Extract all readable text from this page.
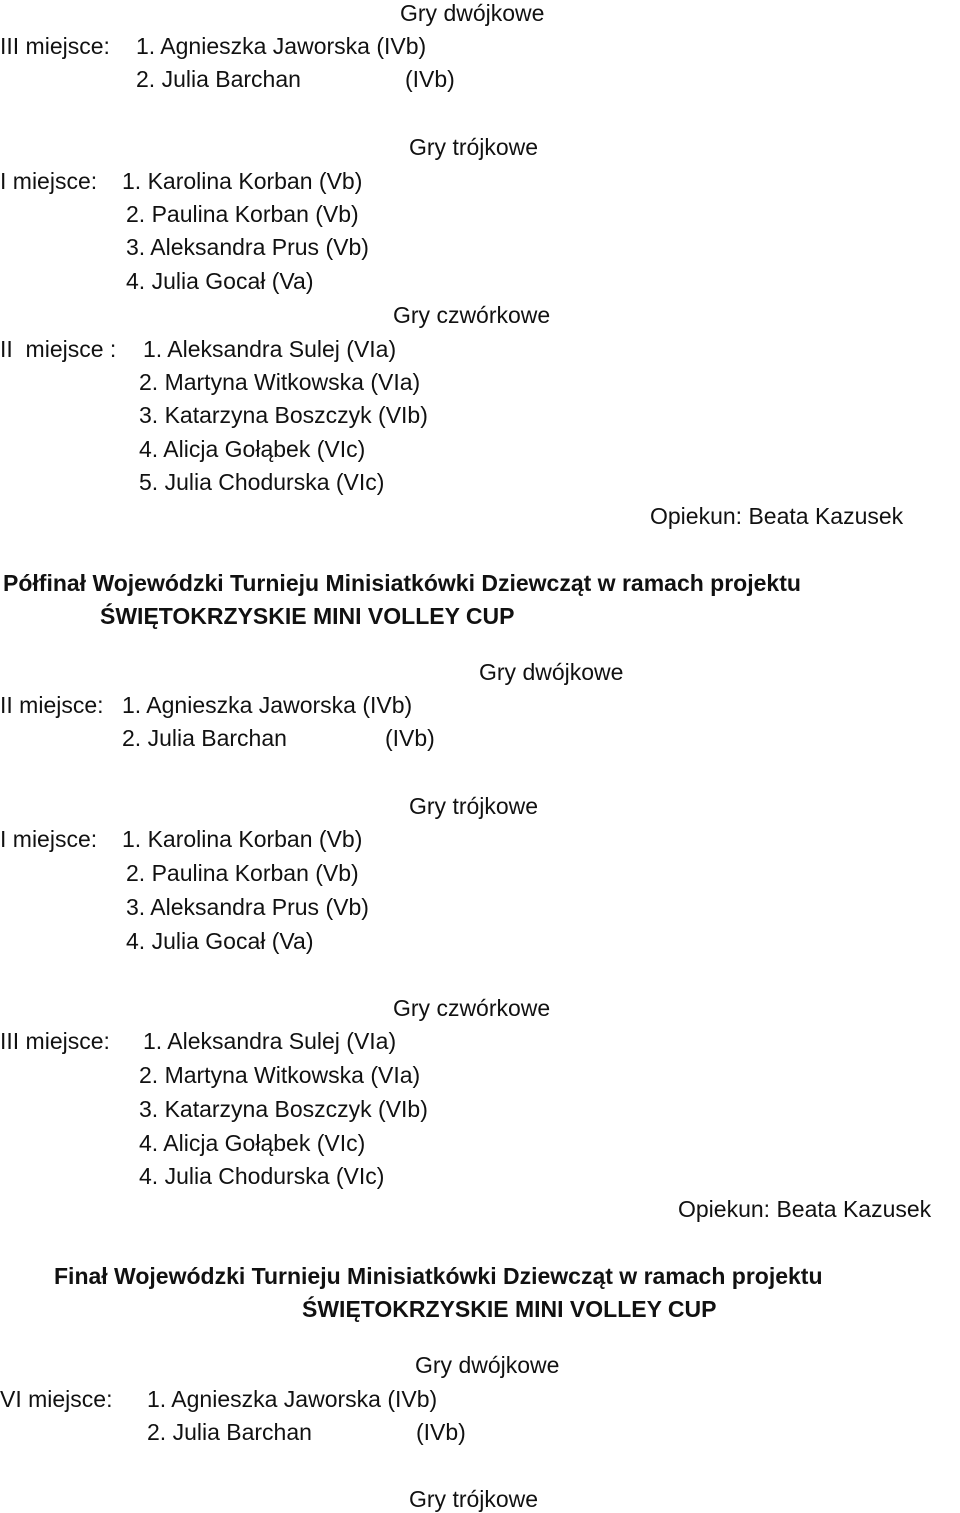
Gry dwójkowe
III miejsce: 1. Agnieszka Jaworska (IVb)
2. Julia Barchan	(IVb)
Gry trójkowe
I miejsce: 1. Karolina Korban (Vb)
2. Paulina Korban (Vb)
3. Aleksandra Prus (Vb)
4. Julia Gocał (Va)
Gry czwórkowe
II  miejsce : 1. Aleksandra Sulej (VIa)
2. Martyna Witkowska (VIa)
3. Katarzyna Boszczyk (VIb)
4. Alicja Gołąbek (VIc)
5. Julia Chodurska (VIc)
Opiekun: Beata Kazusek
Półfinał Wojewódzki Turnieju Minisiatkówki Dziewcząt w ramach projektu
ŚWIĘTOKRZYSKIE MINI VOLLEY CUP
Gry dwójkowe
II miejsce: 1. Agnieszka Jaworska (IVb)
2. Julia Barchan	(IVb)
Gry trójkowe
I miejsce: 1. Karolina Korban (Vb)
2. Paulina Korban (Vb)
3. Aleksandra Prus (Vb)
4. Julia Gocał (Va)
Gry czwórkowe
III miejsce: 1. Aleksandra Sulej (VIa)
2. Martyna Witkowska (VIa)
3. Katarzyna Boszczyk (VIb)
4. Alicja Gołąbek (VIc)
4. Julia Chodurska (VIc)
Opiekun: Beata Kazusek
Finał Wojewódzki Turnieju Minisiatkówki Dziewcząt w ramach projektu
ŚWIĘTOKRZYSKIE MINI VOLLEY CUP
Gry dwójkowe
VI miejsce: 1. Agnieszka Jaworska (IVb)
2. Julia Barchan	(IVb)
Gry trójkowe
